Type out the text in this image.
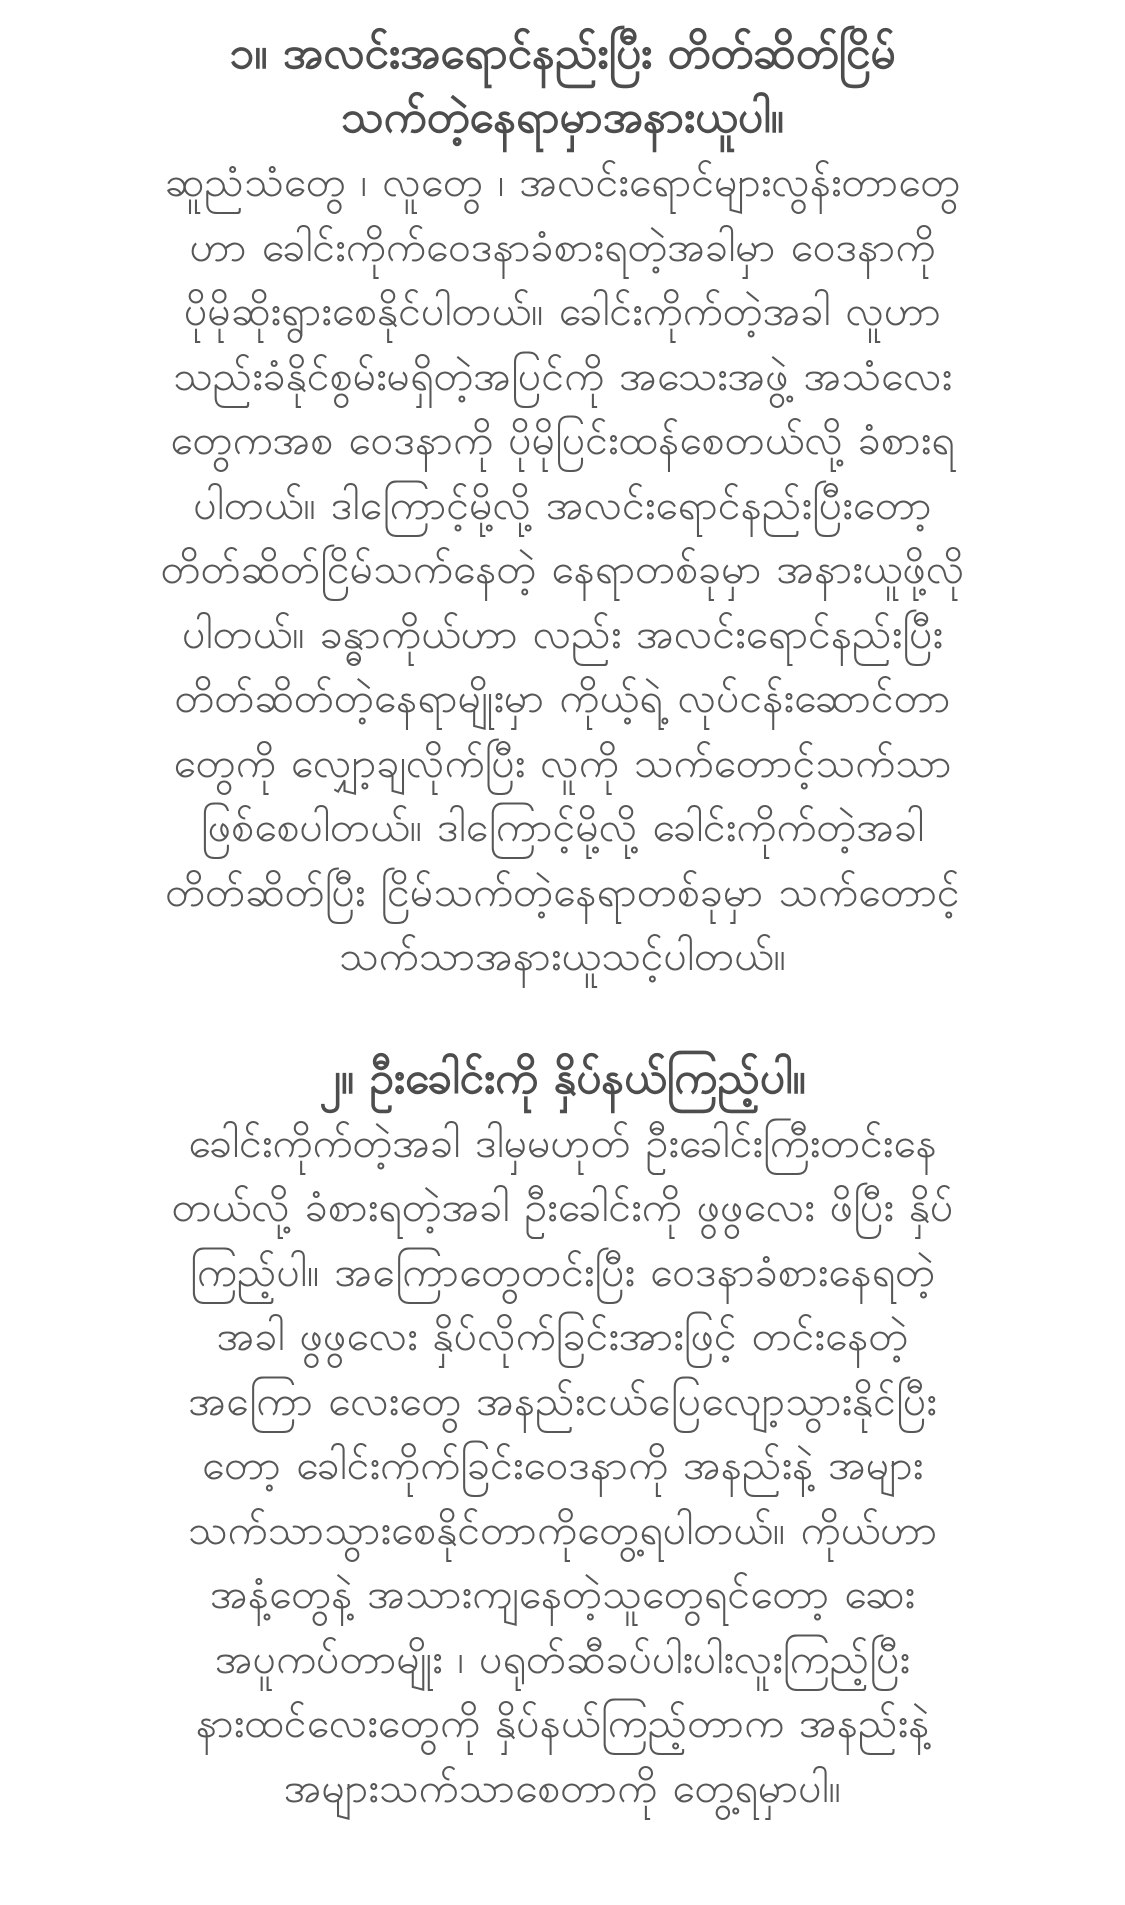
၁။ အလင်းအရောင်နည်းပြီး တိတ်ဆိတ်ငြိမ်
သက်တဲ့နေရာမှာအနားယူပါ။

ဆူညံသံတွေ ၊ လူတွေ ၊ အလင်းရောင်များလွန်းတာတွေ
ဟာ ခေါင်းကိုက်ဝေဒနာခံစားရတဲ့အခါမှာ ဝေဒနာကို
ပိုမိုဆိုးရွားစေနိုင်ပါတယ်။ ခေါင်းကိုက်တဲ့အခါ လူဟာ
သည်းခံနိုင်စွမ်းမရှိတဲ့အပြင်ကို အသေးအဖွဲ့ အသံလေး
တွေကအစ ဝေဒနာကို ပိုမိုပြင်းထန်စေတယ်လို့ ခံစားရ
ပါတယ်။ ဒါကြောင့်မို့လို့ အလင်းရောင်နည်းပြီးတော့
တိတ်ဆိတ်ငြိမ်သက်နေတဲ့ နေရာတစ်ခုမှာ အနားယူဖို့လို
ပါတယ်။ ခန္ဓာကိုယ်ဟာ လည်း အလင်းရောင်နည်းပြီး
တိတ်ဆိတ်တဲ့နေရာမျိုးမှာ ကိုယ့်ရဲ့ လုပ်ငန်းဆောင်တာ
တွေကို လျှော့ချလိုက်ပြီး လူကို သက်တောင့်သက်သာ
ဖြစ်စေပါတယ်။ ဒါကြောင့်မို့လို့ ခေါင်းကိုက်တဲ့အခါ
တိတ်ဆိတ်ပြီး ငြိမ်သက်တဲ့နေရာတစ်ခုမှာ သက်တောင့်
သက်သာအနားယူသင့်ပါတယ်။

၂။ ဦးခေါင်းကို နှိပ်နယ်ကြည့်ပါ။

ခေါင်းကိုက်တဲ့အခါ ဒါမှမဟုတ် ဦးခေါင်းကြီးတင်းနေ
တယ်လို့ ခံစားရတဲ့အခါ ဦးခေါင်းကို ဖွဖွလေး ဖိပြီး နှိပ်
ကြည့်ပါ။ အကြောတွေတင်းပြီး ဝေဒနာခံစားနေရတဲ့
အခါ ဖွဖွလေး နှိပ်လိုက်ခြင်းအားဖြင့် တင်းနေတဲ့
အကြော လေးတွေ အနည်းငယ်ပြေလျော့သွားနိုင်ပြီး
တော့ ခေါင်းကိုက်ခြင်းဝေဒနာကို အနည်းနဲ့ အများ
သက်သာသွားစေနိုင်တာကိုတွေ့ရပါတယ်။ ကိုယ်ဟာ
အနံ့တွေနဲ့ အသားကျနေတဲ့သူတွေရင်တော့ ဆေး
အပူကပ်တာမျိုး ၊ ပရုတ်ဆီခပ်ပါးပါးလူးကြည့်ပြီး
နားထင်လေးတွေကို နှိပ်နယ်ကြည့်တာက အနည်းနဲ့
အများသက်သာစေတာကို တွေ့ရမှာပါ။
